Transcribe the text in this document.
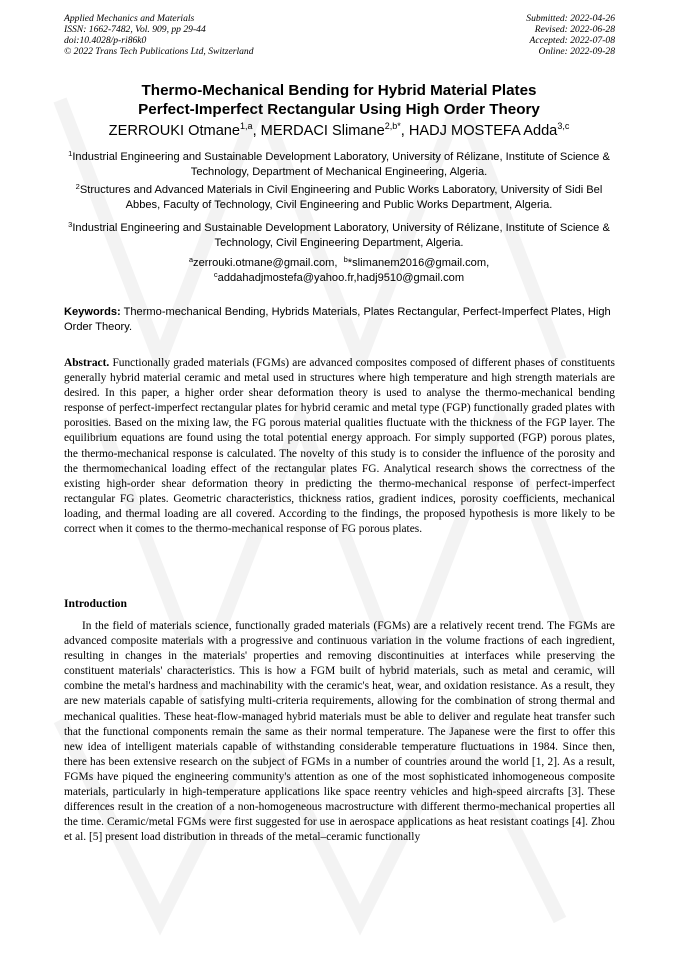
Applied Mechanics and Materials
ISSN: 1662-7482, Vol. 909, pp 29-44
doi:10.4028/p-ri86k0
© 2022 Trans Tech Publications Ltd, Switzerland
Submitted: 2022-04-26
Revised: 2022-06-28
Accepted: 2022-07-08
Online: 2022-09-28
Thermo-Mechanical Bending for Hybrid Material Plates
Perfect-Imperfect Rectangular Using High Order Theory
ZERROUKI Otmane$^{1,a}$, MERDACI Slimane$^{2,b*}$, HADJ MOSTEFA Adda$^{3,c}$
$^1$Industrial Engineering and Sustainable Development Laboratory, University of Rélizane, Institute of Science & Technology, Department of Mechanical Engineering, Algeria.
$^2$Structures and Advanced Materials in Civil Engineering and Public Works Laboratory, University of Sidi Bel Abbes, Faculty of Technology, Civil Engineering and Public Works Department, Algeria.
$^3$Industrial Engineering and Sustainable Development Laboratory, University of Rélizane, Institute of Science & Technology, Civil Engineering Department, Algeria.
$^a$zerrouki.otmane@gmail.com, $^b$*slimanem2016@gmail.com,
$^c$addahadjmostefa@yahoo.fr,hadj9510@gmail.com
Keywords: Thermo-mechanical Bending, Hybrids Materials, Plates Rectangular, Perfect-Imperfect Plates, High Order Theory.
Abstract. Functionally graded materials (FGMs) are advanced composites composed of different phases of constituents generally hybrid material ceramic and metal used in structures where high temperature and high strength materials are desired. In this paper, a higher order shear deformation theory is used to analyse the thermo-mechanical bending response of perfect-imperfect rectangular plates for hybrid ceramic and metal type (FGP) functionally graded plates with porosities. Based on the mixing law, the FG porous material qualities fluctuate with the thickness of the FGP layer. The equilibrium equations are found using the total potential energy approach. For simply supported (FGP) porous plates, the thermo-mechanical response is calculated. The novelty of this study is to consider the influence of the porosity and the thermomechanical loading effect of the rectangular plates FG. Analytical research shows the correctness of the existing high-order shear deformation theory in predicting the thermo-mechanical response of perfect-imperfect rectangular FG plates. Geometric characteristics, thickness ratios, gradient indices, porosity coefficients, mechanical loading, and thermal loading are all covered. According to the findings, the proposed hypothesis is more likely to be correct when it comes to the thermo-mechanical response of FG porous plates.
Introduction
In the field of materials science, functionally graded materials (FGMs) are a relatively recent trend. The FGMs are advanced composite materials with a progressive and continuous variation in the volume fractions of each ingredient, resulting in changes in the materials' properties and removing discontinuities at interfaces while preserving the constituent materials' characteristics. This is how a FGM built of hybrid materials, such as metal and ceramic, will combine the metal's hardness and machinability with the ceramic's heat, wear, and oxidation resistance. As a result, they are new materials capable of satisfying multi-criteria requirements, allowing for the combination of strong thermal and mechanical qualities. These heat-flow-managed hybrid materials must be able to deliver and regulate heat transfer such that the functional components remain the same as their normal temperature. The Japanese were the first to offer this new idea of intelligent materials capable of withstanding considerable temperature fluctuations in 1984. Since then, there has been extensive research on the subject of FGMs in a number of countries around the world [1, 2]. As a result, FGMs have piqued the engineering community's attention as one of the most sophisticated inhomogeneous composite materials, particularly in high-temperature applications like space reentry vehicles and high-speed aircrafts [3]. These differences result in the creation of a non-homogeneous macrostructure with different thermo-mechanical properties all the time. Ceramic/metal FGMs were first suggested for use in aerospace applications as heat resistant coatings [4]. Zhou et al. [5] present load distribution in threads of the metal–ceramic functionally
